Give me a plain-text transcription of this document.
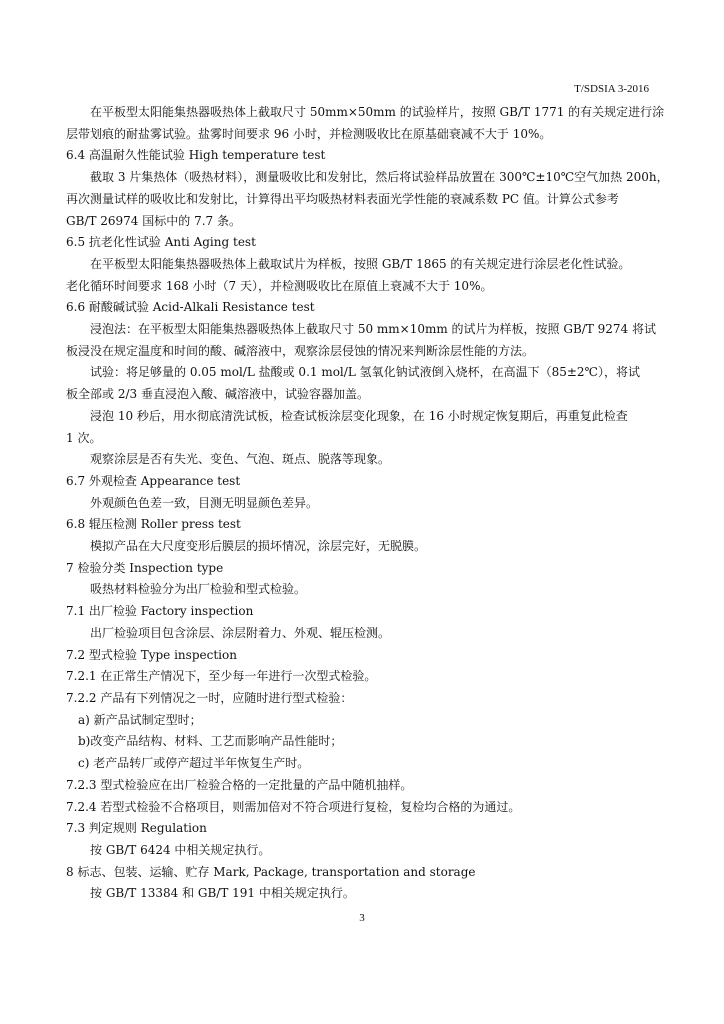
T/SDSIA 3-2016
在平板型太阳能集热器吸热体上截取尺寸 50mm×50mm 的试验样片，按照 GB/T 1771 的有关规定进行涂
层带划痕的耐盐雾试验。盐雾时间要求 96 小时，并检测吸收比在原基础衰减不大于 10%。
6.4 高温耐久性能试验 High temperature test
截取 3 片集热体（吸热材料），测量吸收比和发射比，然后将试验样品放置在 300℃±10℃空气加热 200h，
再次测量试样的吸收比和发射比，计算得出平均吸热材料表面光学性能的衰减系数 PC 值。计算公式参考
GB/T 26974 国标中的 7.7 条。
6.5 抗老化性试验 Anti Aging test
在平板型太阳能集热器吸热体上截取试片为样板，按照 GB/T 1865 的有关规定进行涂层老化性试验。
老化循环时间要求 168 小时（7 天），并检测吸收比在原值上衰减不大于 10%。
6.6 耐酸碱试验 Acid-Alkali Resistance test
浸泡法：在平板型太阳能集热器吸热体上截取尺寸 50 mm×10mm 的试片为样板，按照 GB/T 9274 将试
板浸没在规定温度和时间的酸、碱溶液中，观察涂层侵蚀的情况来判断涂层性能的方法。
试验：将足够量的 0.05 mol/L 盐酸或 0.1 mol/L 氢氧化钠试液倒入烧杯，在高温下（85±2℃），将试
板全部或 2/3 垂直浸泡入酸、碱溶液中，试验容器加盖。
浸泡 10 秒后，用水彻底清洗试板，检查试板涂层变化现象，在 16 小时规定恢复期后，再重复此检查
1 次。
观察涂层是否有失光、变色、气泡、斑点、脱落等现象。
6.7 外观检查 Appearance test
外观颜色色差一致，目测无明显颜色差异。
6.8 辊压检测 Roller press test
模拟产品在大尺度变形后膜层的损坏情况，涂层完好，无脱膜。
7 检验分类 Inspection type
吸热材料检验分为出厂检验和型式检验。
7.1 出厂检验 Factory inspection
出厂检验项目包含涂层、涂层附着力、外观、辊压检测。
7.2 型式检验 Type inspection
7.2.1 在正常生产情况下，至少每一年进行一次型式检验。
7.2.2 产品有下列情况之一时，应随时进行型式检验：
a) 新产品试制定型时；
b)改变产品结构、材料、工艺而影响产品性能时；
c) 老产品转厂或停产超过半年恢复生产时。
7.2.3 型式检验应在出厂检验合格的一定批量的产品中随机抽样。
7.2.4 若型式检验不合格项目，则需加倍对不符合项进行复检，复检均合格的为通过。
7.3 判定规则 Regulation
按 GB/T 6424 中相关规定执行。
8 标志、包装、运输、贮存 Mark, Package, transportation and storage
按 GB/T 13384 和 GB/T 191 中相关规定执行。
3
